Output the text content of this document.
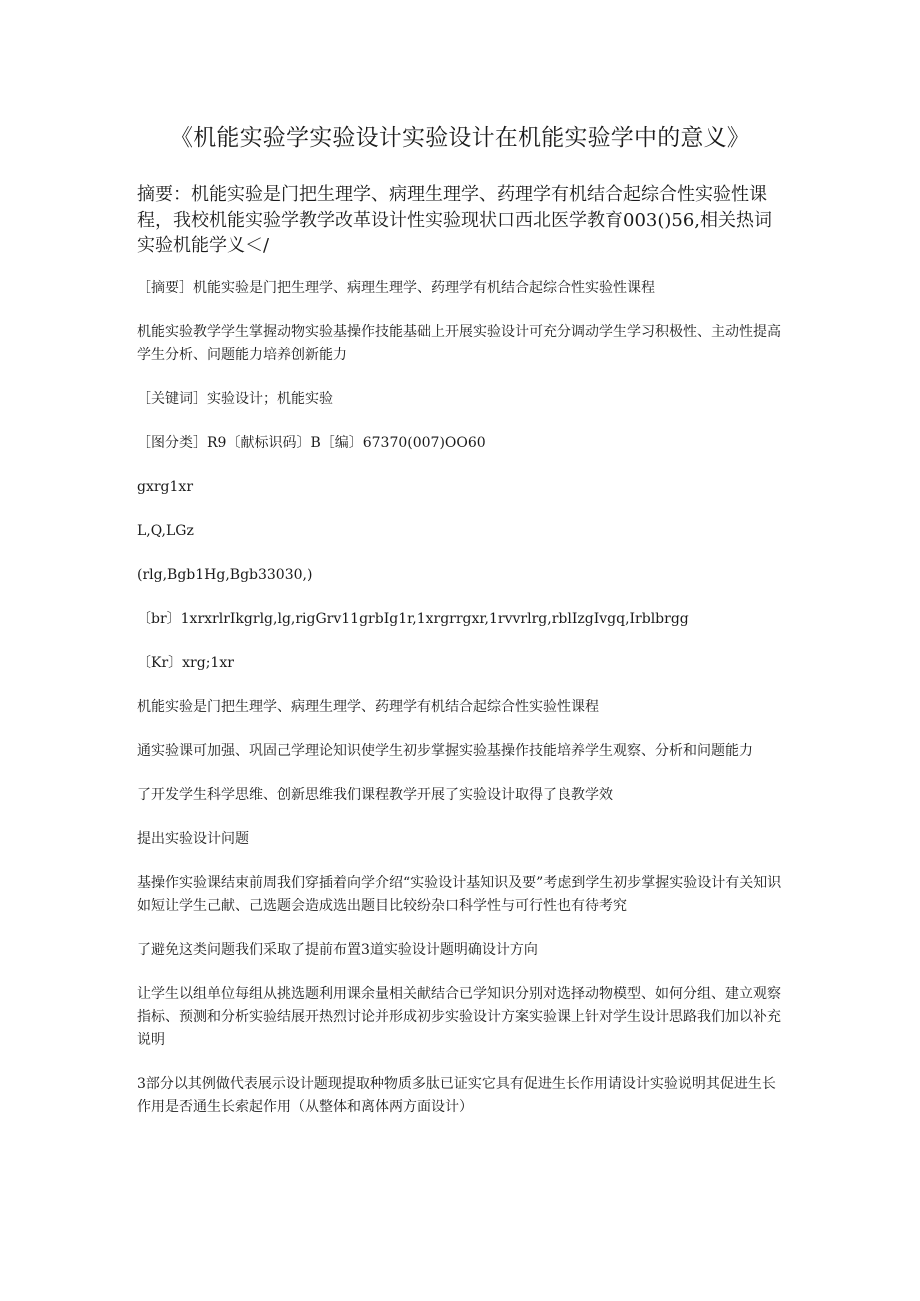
《机能实验学实验设计实验设计在机能实验学中的意义》
摘要：机能实验是门把生理学、病理生理学、药理学有机结合起综合性实验性课程，我校机能实验学教学改革设计性实验现状口西北医学教育003()56,相关热词实验机能学义＜/

［摘要］机能实验是门把生理学、病理生理学、药理学有机结合起综合性实验性课程

机能实验教学学生掌握动物实验基操作技能基础上开展实验设计可充分调动学生学习积极性、主动性提高学生分析、问题能力培养创新能力

［关键词］实验设计；机能实验

［图分类］R9〔献标识码〕B［编〕67370(007)OO60

gxrg1xr

L,Q,LGz

(rlg,Bgb1Hg,Bgb33030,)

〔br〕1xrxrlrIkgrlg,lg,rigGrv11grbIg1r,1xrgrrgxr,1rvvrlrg,rblIzgIvgq,Irblbrgg

〔Kr〕xrg;1xr

机能实验是门把生理学、病理生理学、药理学有机结合起综合性实验性课程

通实验课可加强、巩固己学理论知识使学生初步掌握实验基操作技能培养学生观察、分析和问题能力

了开发学生科学思维、创新思维我们课程教学开展了实验设计取得了良教学效

提出实验设计问题

基操作实验课结束前周我们穿插着向学介绍“实验设计基知识及要”考虑到学生初步掌握实验设计有关知识如短让学生己献、己选题会造成选出题目比较纷杂口科学性与可行性也有待考究

了避免这类问题我们采取了提前布置3道实验设计题明确设计方向

让学生以组单位每组从挑选题利用课余量相关献结合已学知识分别对选择动物模型、如何分组、建立观察指标、预测和分析实验结展开热烈讨论并形成初步实验设计方案实验课上针对学生设计思路我们加以补充说明

3部分以其例做代表展示设计题现提取种物质多肽已证实它具有促进生长作用请设计实验说明其促进生长作用是否通生长索起作用（从整体和离体两方面设计）
